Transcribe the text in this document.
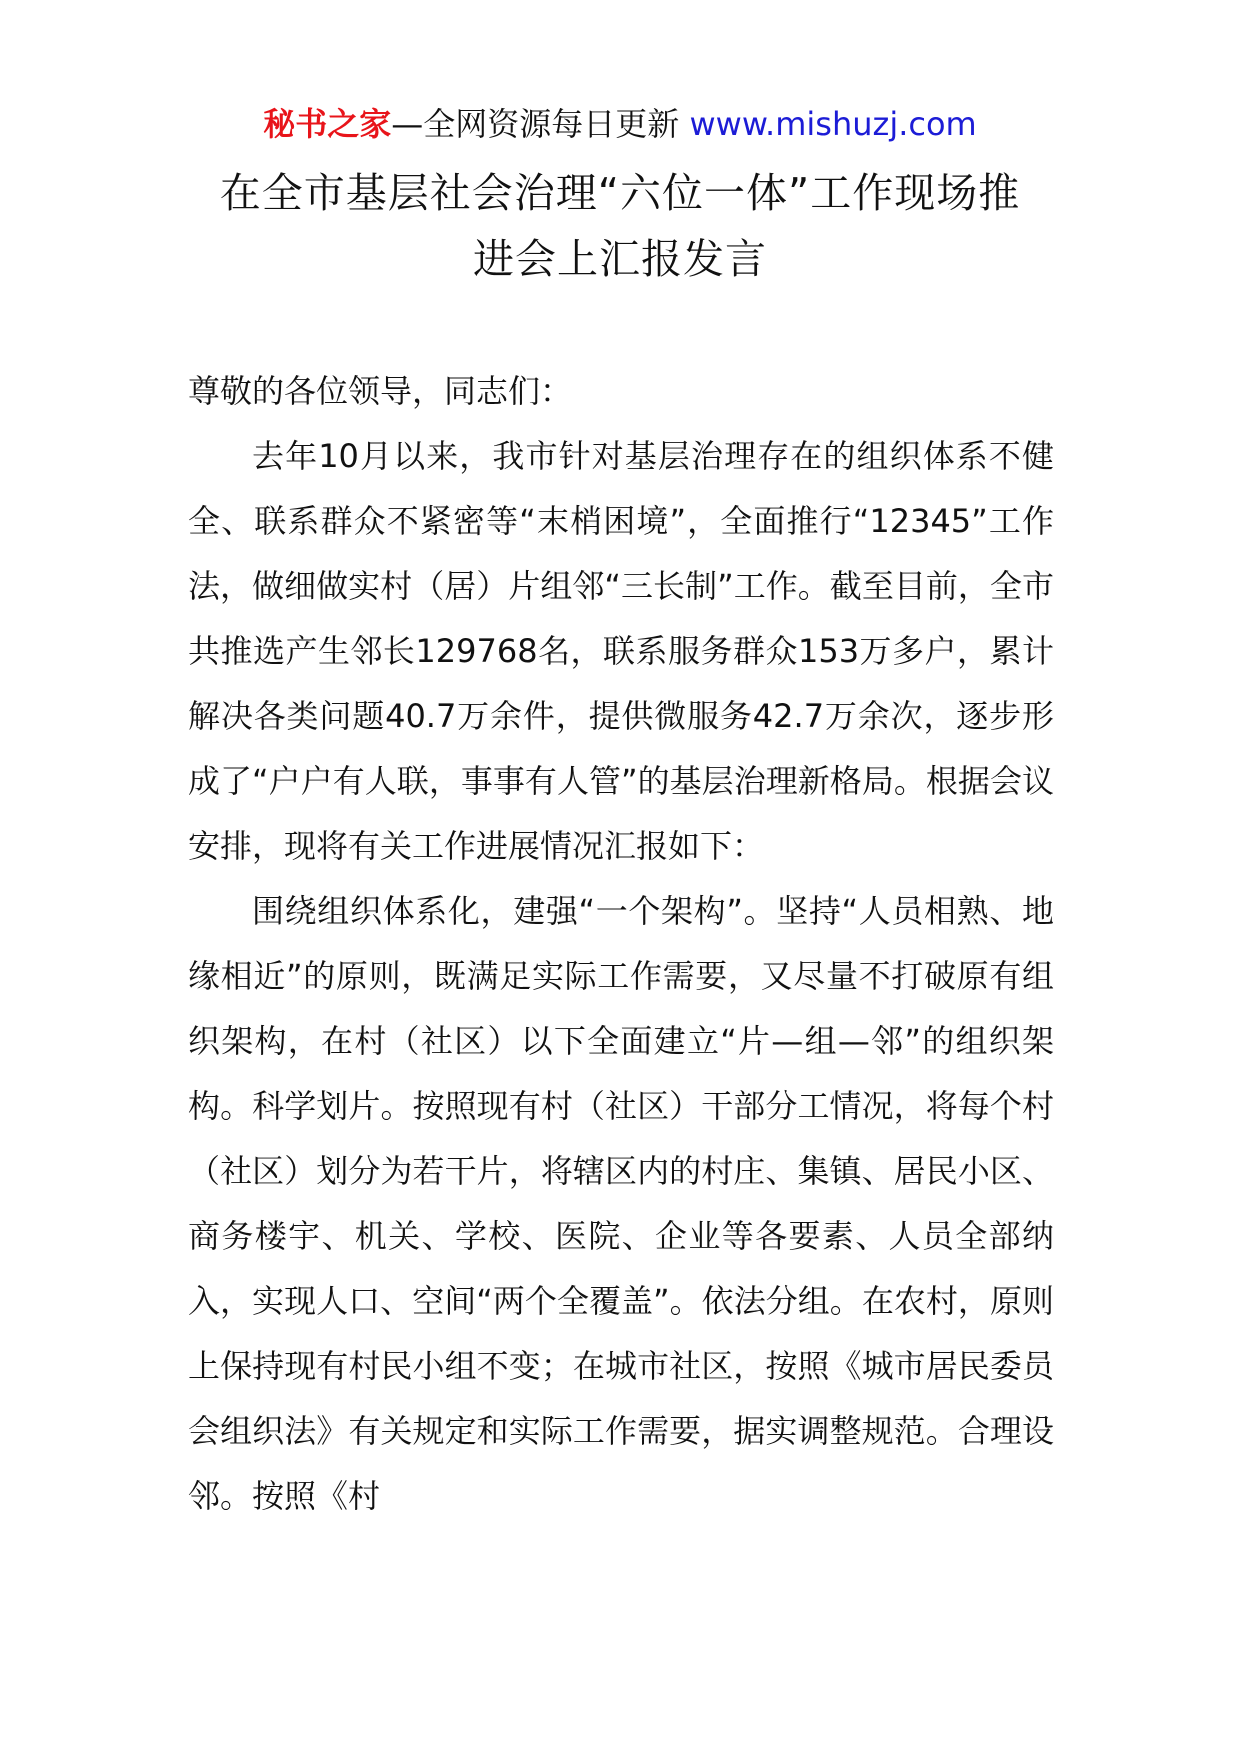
秘书之家—全网资源每日更新 www.mishuzj.com
在全市基层社会治理“六位一体”工作现场推
进会上汇报发言

尊敬的各位领导，同志们：

去年10月以来，我市针对基层治理存在的组织体系不健全、联系群众不紧密等“末梢困境”，全面推行“12345”工作法，做细做实村（居）片组邻“三长制”工作。截至目前，全市共推选产生邻长129768名，联系服务群众153万多户，累计解决各类问题40.7万余件，提供微服务42.7万余次，逐步形成了“户户有人联，事事有人管”的基层治理新格局。根据会议安排，现将有关工作进展情况汇报如下：

围绕组织体系化，建强“一个架构”。坚持“人员相熟、地缘相近”的原则，既满足实际工作需要，又尽量不打破原有组织架构，在村（社区）以下全面建立“片—组—邻”的组织架构。科学划片。按照现有村（社区）干部分工情况，将每个村（社区）划分为若干片，将辖区内的村庄、集镇、居民小区、商务楼宇、机关、学校、医院、企业等各要素、人员全部纳入，实现人口、空间“两个全覆盖”。依法分组。在农村，原则上保持现有村民小组不变；在城市社区，按照《城市居民委员会组织法》有关规定和实际工作需要，据实调整规范。合理设邻。按照《村
